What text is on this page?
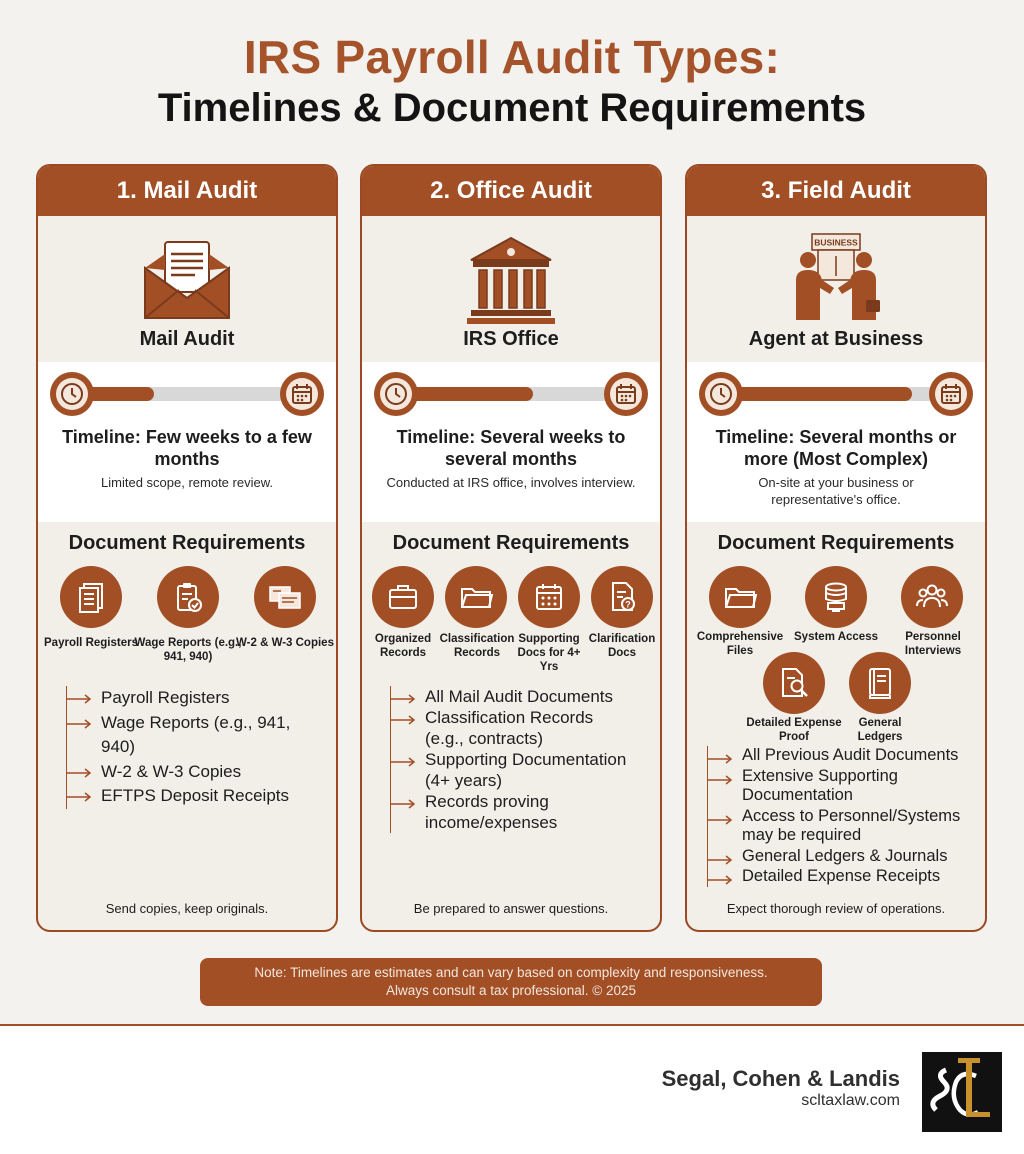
IRS Payroll Audit Types:
Timelines & Document Requirements
1. Mail Audit
Mail Audit
Timeline: Few weeks to a few months
Limited scope, remote review.
Document Requirements
Payroll Registers
Wage Reports (e.g., 941, 940)
W-2 & W-3 Copies
Payroll Registers
Wage Reports (e.g., 941, 940)
W-2 & W-3 Copies
EFTPS Deposit Receipts
Send copies, keep originals.
2. Office Audit
IRS Office
Timeline: Several weeks to several months
Conducted at IRS office, involves interview.
Document Requirements
Organized Records
Classification Records
Supporting Docs for 4+ Yrs
?
Clarification Docs
All Mail Audit Documents
Classification Records (e.g., contracts)
Supporting Documentation (4+ years)
Records proving income/expenses
Be prepared to answer questions.
3. Field Audit
BUSINESS
Agent at Business
Timeline: Several months or more (Most Complex)
On-site at your business or representative's office.
Document Requirements
Comprehensive Files
System Access	Personnel Interviews
Detailed Expense Proof
General Ledgers
All Previous Audit Documents
Extensive Supporting Documentation
Access to Personnel/Systems may be required
General Ledgers & Journals
Detailed Expense Receipts
Expect thorough review of operations.
Note: Timelines are estimates and can vary based on complexity and responsiveness.
Always consult a tax professional. © 2025
Segal, Cohen & Landis
scltaxlaw.com
